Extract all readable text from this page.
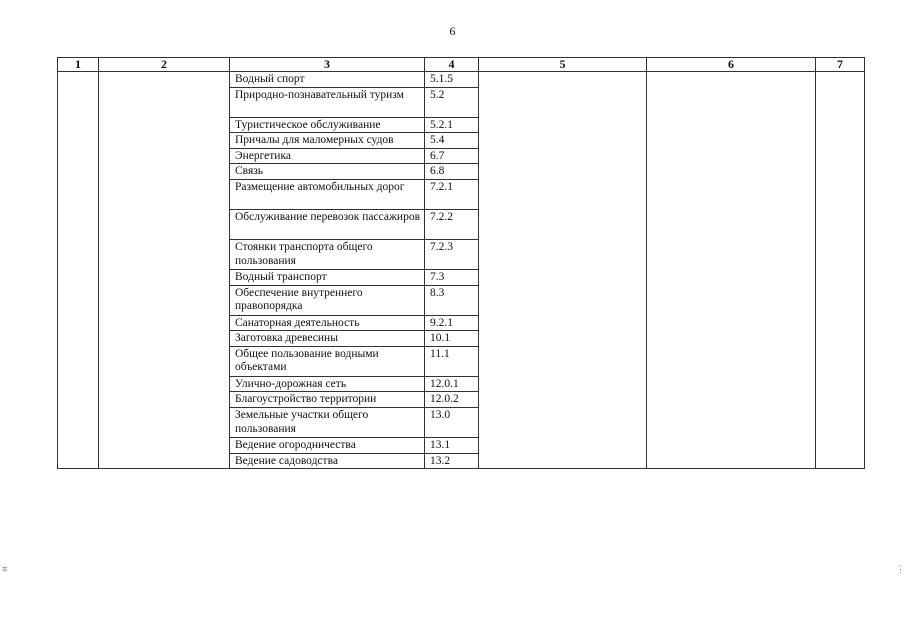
6
1	2	3	4	5	6	7
		Водный спорт	5.1.5			
		Природно-познавательный туризм	5.2			
		Туристическое обслуживание	5.2.1			
		Причалы для маломерных судов	5.4			
		Энергетика	6.7			
		Связь	6.8			
		Размещение автомобильных дорог	7.2.1			
		Обслуживание перевозок пассажиров	7.2.2			
		Стоянки транспорта общего пользования	7.2.3			
		Водный транспорт	7.3			
		Обеспечение внутреннего правопорядка	8.3			
		Санаторная деятельность	9.2.1			
		Заготовка древесины	10.1			
		Общее пользование водными объектами	11.1			
		Улично-дорожная сеть	12.0.1			
		Благоустройство территории	12.0.2			
		Земельные участки общего пользования	13.0			
		Ведение огородничества	13.1			
		Ведение садоводства	13.2			
≡	⋮
